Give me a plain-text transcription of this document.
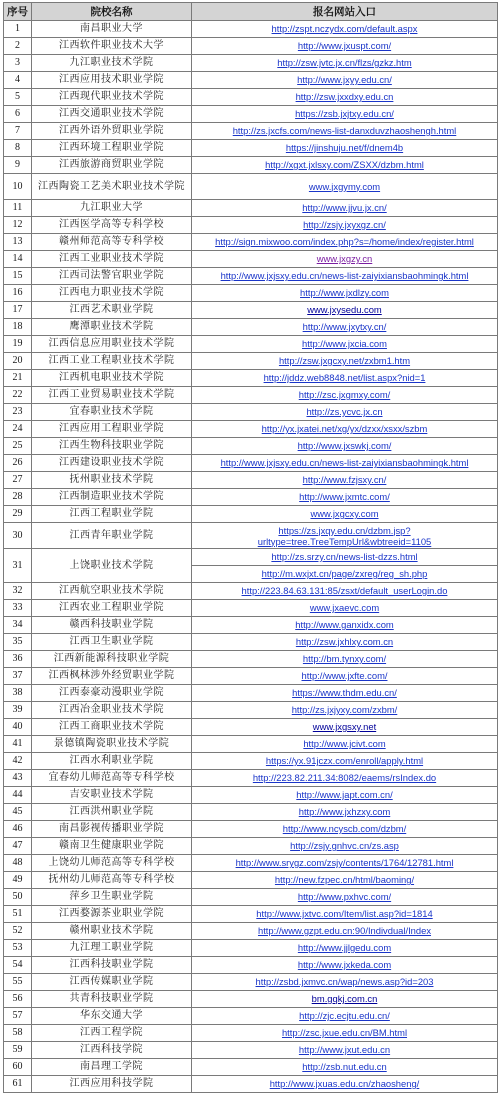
序号	院校名称	报名网站入口
1	南昌职业大学	http://zspt.nczydx.com/default.aspx
2	江西软件职业技术大学	http://www.jxuspt.com/
3	九江职业技术学院	http://zsw.jvtc.jx.cn/flzs/gzkz.htm
4	江西应用技术职业学院	http://www.jxyy.edu.cn/
5	江西现代职业技术学院	http://zsw.jxxdxy.edu.cn
6	江西交通职业技术学院	https://zsb.jxjtxy.edu.cn/
7	江西外语外贸职业学院	http://zs.jxcfs.com/news-list-danxduvzhaoshengh.html
8	江西环境工程职业学院	https://jinshuju.net/f/dnem4b
9	江西旅游商贸职业学院	http://xgxt.jxlsxy.com/ZSXX/dzbm.html
10	江西陶瓷工艺美术职业技术学院	www.jxgymy.com
11	九江职业大学	http://www.jjvu.jx.cn/
12	江西医学高等专科学校	http://zsjy.jxyxgz.cn/
13	赣州师范高等专科学校	http://sign.mixwoo.com/index.php?s=/home/index/register.html
14	江西工业职业技术学院	www.jxgzy.cn
15	江西司法警官职业学院	http://www.jxjsxy.edu.cn/news-list-zaiyixiansbaohmingk.html
16	江西电力职业技术学院	http://www.jxdlzy.com
17	江西艺术职业学院	www.jxysedu.com
18	鹰潭职业技术学院	http://www.jxytxy.cn/
19	江西信息应用职业技术学院	http://www.jxcia.com
20	江西工业工程职业技术学院	http://zsw.jxgcxy.net/zxbm1.htm
21	江西机电职业技术学院	http://jddz.web8848.net/list.aspx?nid=1
22	江西工业贸易职业技术学院	http://zsc.jxgmxy.com/
23	宜春职业技术学院	http://zs.ycvc.jx.cn
24	江西应用工程职业学院	http://yx.jxatei.net/xg/yx/dzxx/xsxx/szbm
25	江西生物科技职业学院	http://www.jxswkj.com/
26	江西建设职业技术学院	http://www.jxjsxy.edu.cn/news-list-zaiyixiansbaohmingk.html
27	抚州职业技术学院	http://www.fzjsxy.cn/
28	江西制造职业技术学院	http://www.jxmtc.com/
29	江西工程职业学院	www.jxgcxy.com
30	江西青年职业学院	https://zs.jxqy.edu.cn/dzbm.jsp?urltype=tree.TreeTempUrl&wbtreeid=1105
31	上饶职业技术学院	http://zs.srzy.cn/news-list-dzzs.html
		http://m.wxjxt.cn/page/zxreg/reg_sh.php
32	江西航空职业技术学院	http://223.84.63.131:85/zsxt/default_userLogin.do
33	江西农业工程职业学院	www.jxaevc.com
34	赣西科技职业学院	http://www.ganxidx.com
35	江西卫生职业学院	http://zsw.jxhlxy.com.cn
36	江西新能源科技职业学院	http://bm.tynxy.com/
37	江西枫林涉外经贸职业学院	http://www.jxfte.com/
38	江西泰豪动漫职业学院	https://www.thdm.edu.cn/
39	江西冶金职业技术学院	http://zs.jxjyxy.com/zxbm/
40	江西工商职业技术学院	www.jxgsxy.net
41	景德镇陶瓷职业技术学院	http://www.jcivt.com
42	江西水利职业学院	https://yx.91jczx.com/enroll/apply.html
43	宜春幼儿师范高等专科学校	http://223.82.211.34:8082/eaems/rsIndex.do
44	吉安职业技术学院	http://www.japt.com.cn/
45	江西洪州职业学院	http://www.jxhzxy.com
46	南昌影视传播职业学院	http://www.ncyscb.com/dzbm/
47	赣南卫生健康职业学院	http://zsjy.gnhvc.cn/zs.asp
48	上饶幼儿师范高等专科学校	http://www.srygz.com/zsjy/contents/1764/12781.html
49	抚州幼儿师范高等专科学校	http://new.fzpec.cn/html/baoming/
50	萍乡卫生职业学院	http://www.pxhvc.com/
51	江西婺源茶业职业学院	http://www.jxtvc.com/Item/list.asp?id=1814
52	赣州职业技术学院	http://www.gzpt.edu.cn:90/Indivdual/Index
53	九江理工职业学院	http://www.jjlgedu.com
54	江西科技职业学院	http://www.jxkeda.com
55	江西传媒职业学院	http://zsbd.jxmvc.cn/wap/news.asp?id=203
56	共青科技职业学院	bm.gqkj.com.cn
57	华东交通大学	http://zjc.ecjtu.edu.cn/
58	江西工程学院	http://zsc.jxue.edu.cn/BM.html
59	江西科技学院	http://www.jxut.edu.cn
60	南昌理工学院	http://zsb.nut.edu.cn
61	江西应用科技学院	http://www.jxuas.edu.cn/zhaosheng/
